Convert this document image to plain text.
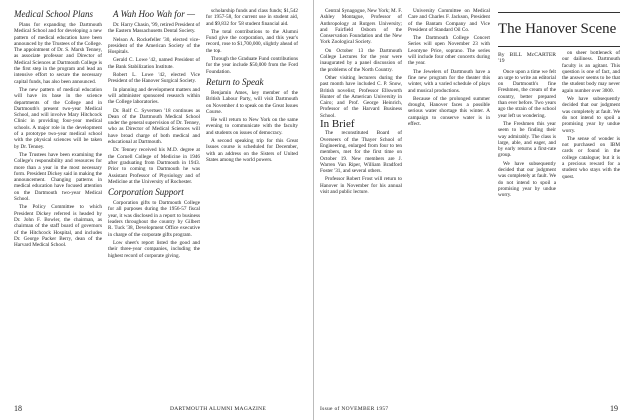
Medical School Plans

Plans for expanding the Dartmouth Medical School and for developing a new pattern of medical education have been announced by the Trustees of the College. The appointment of Dr. S. Marsh Tenney, as associate professor and Director of Medical Sciences at Dartmouth College is the first step in the program and lead an intensive effort to secure the necessary capital funds, has also been announced.

The new pattern of medical education will have its base in the science departments of the College and in Dartmouth's present two-year Medical School, and will involve Mary Hitchcock Clinic in providing four-year medical schools. A major role in the development of a prototype two-year medical school with the physical sciences will be taken by Dr. Tenney.

The Trustees have been examining the College's responsibility and resources for more than a year in the most necessary form. President Dickey said in making the announcement. Changing patterns in medical education have focused attention on the Dartmouth two-year Medical School.

The Policy Committee to which President Dickey referred is headed by Dr. John F. Bowler, the chairman, as chairman of the staff board of governors of the Hitchcock Hospital, and includes Dr. George Packer Berry, dean of the Harvard Medical School.

A Wah Hoo Wah for —

Dr. Harry Chasin, '99, retired President of the Eastern Massachusetts Dental Society.

Nelson A. Rockefeller '30, elected vice-president of the American Society of the Hospitals.

Gerald C. Lowe '42, named President of the Bank Stabilization Institute.

Robert L. Lowe '42, elected Vice President of the Hanover Surgical Society.

In planning and development matters and will administer sponsored research within the College laboratories.

Dr. Rolf C. Syvertsen '18 continues as Dean of the Dartmouth Medical School under the general supervision of Dr. Tenney, who as Director of Medical Sciences will have broad charge of both medical and educational at Dartmouth.

Dr. Tenney received his M.D. degree at the Cornell College of Medicine in 1946 after graduating from Dartmouth in 1943. Prior to coming to Dartmouth he was Assistant Professor of Physiology and of Medicine at the University of Rochester.

Corporation Support

Corporation gifts to Dartmouth College for all purposes during the 1956-57 fiscal year, it was disclosed in a report to business leaders throughout the country by Gilbert R. Tuck '38, Development Office executive in charge of the corporate gifts program.

Low sheet's report listed the good and their three-year companies, including the highest record of corporate giving.

scholarship funds and class funds; $1,542 for 1957-58, for current use in student aid, and $9,832 for '58 student financial aid.

The total contributions to the Alumni Fund give the corporation, and this year's record, rose to $1,700,000, slightly ahead of the top.

Through the Graduate Fund contributions for the year include $50,000 from the Ford Foundation.

Return to Speak

Benjamin Ames, key member of the British Labour Party, will visit Dartmouth on November 4 to speak on the Great Issues Course.

He will return to New York on the same evening to communicate with the faculty and students on issues of democracy.

A second speaking trip for this Great Issues course is scheduled for December, with an address on the Sisters of United States among the world powers.

18	DARTMOUTH ALUMNI MAGAZINE

Central Synagogue, New York; M. F. Ashley Montague, Professor of Anthropology at Rutgers University; and Fairfield Osborn of the Conservation Foundation and the New York Zoological Society.

On October 13 the Dartmouth College Lectures for the year were inaugurated by a panel discussion of the problems of the North Country.

Other visiting lecturers during the past month have included C. P. Snow, British novelist; Professor Ellsworth Hunter of the American University in Cairo; and Prof. George Heinrich, Professor of the Harvard Business School.

In Brief

The reconstituted Board of Overseers of the Thayer School of Engineering, enlarged from four to ten members, met for the first time on October 19. New members are J. Warren Van Riper, William Bradford Foster '31, and several others.

Professor Robert Frost will return to Hanover in November for his annual visit and public lecture.

University Committee on Medical Care and Charles F. Jackson, President of the Bantam Company and Vice President of Standard Oil Co.

The Dartmouth College Concert Series will open November 23 with Leontyne Price, soprano. The series will include four other concerts during the year.

The Jewelers of Dartmouth have a fine new program for the theater this winter, with a varied schedule of plays and musical productions.

Because of the prolonged summer drought, Hanover faces a possible serious water shortage this winter. A campaign to conserve water is in effect.

The Hanover Scene
By BILL McCARTER '19

Once upon a time we felt an urge to write an editorial on Dartmouth's fine Freshmen, the cream of the country, better prepared than ever before. Two years ago the strain of the school year left us wondering.

The Freshmen this year seem to be finding their way admirably. The class is large, able, and eager, and by early returns a first-rate group.

We have subsequently decided that our judgment was completely at fault. We do not intend to spoil a promising year by undue worry.

on sheer bottleneck of our dailiness. Dartmouth faculty is an agitant. This question is one of fact, and the answer seems to be that the student body may never again number over 3000.

We have subsequently decided that our judgment was completely at fault. We do not intend to spoil a promising year by undue worry.

The sense of wonder is not purchased on IBM cards or found in the college catalogue; but it is a precious reward for a student who stays with the quest.

Issue of NOVEMBER 1957	19
